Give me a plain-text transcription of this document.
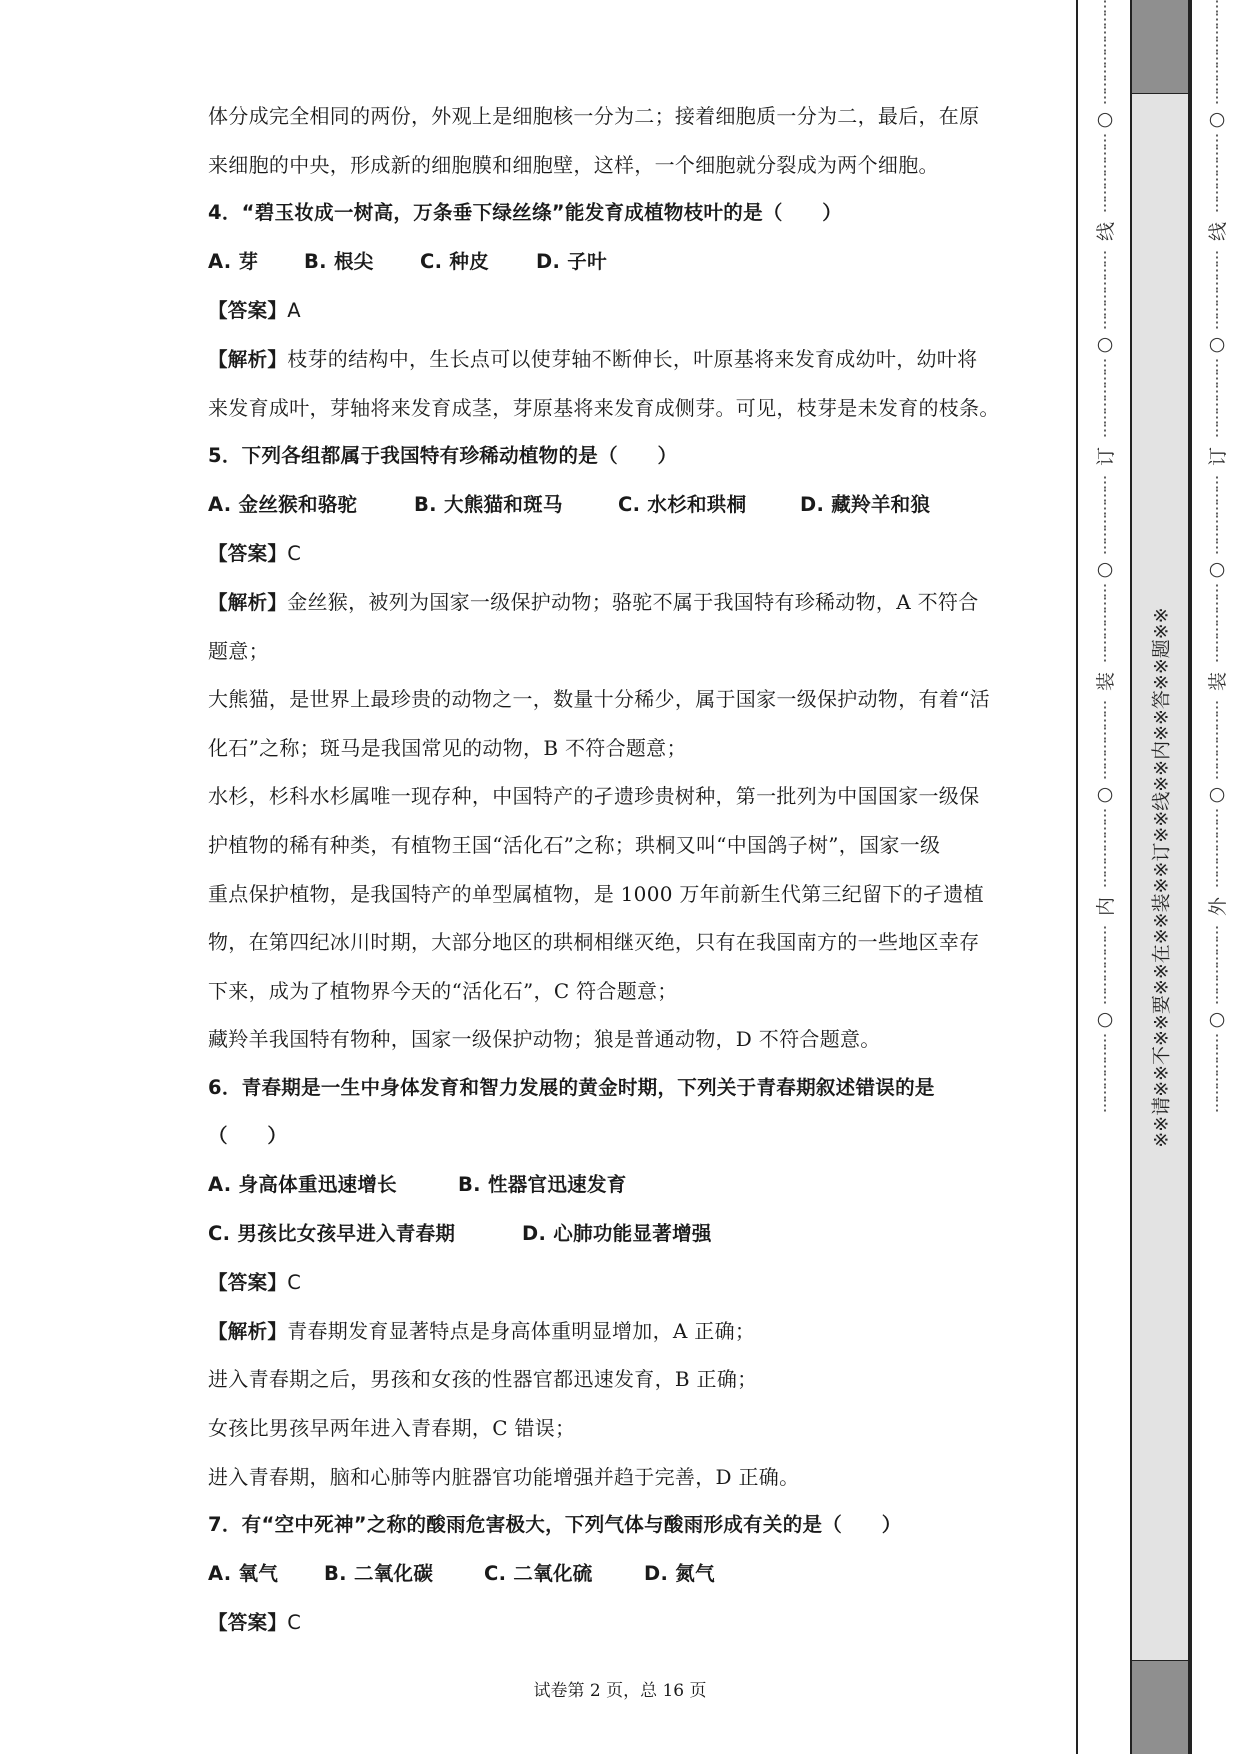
体分成完全相同的两份，外观上是细胞核一分为二；接着细胞质一分为二，最后，在原
来细胞的中央，形成新的细胞膜和细胞壁，这样，一个细胞就分裂成为两个细胞。
4．“碧玉妆成一树高，万条垂下绿丝绦”能发育成植物枝叶的是（　　）
A. 芽 B. 根尖 C. 种皮 D. 子叶
【答案】A
【解析】枝芽的结构中，生长点可以使芽轴不断伸长，叶原基将来发育成幼叶，幼叶将
来发育成叶，芽轴将来发育成茎，芽原基将来发育成侧芽。可见，枝芽是未发育的枝条。
5．下列各组都属于我国特有珍稀动植物的是（　　）
A. 金丝猴和骆驼	B. 大熊猫和斑马	C. 水杉和珙桐	D. 藏羚羊和狼
【答案】C
【解析】金丝猴，被列为国家一级保护动物；骆驼不属于我国特有珍稀动物，A 不符合
题意；
大熊猫，是世界上最珍贵的动物之一，数量十分稀少，属于国家一级保护动物，有着“活
化石”之称；斑马是我国常见的动物，B 不符合题意；
水杉，杉科水杉属唯一现存种，中国特产的孑遗珍贵树种，第一批列为中国国家一级保
护植物的稀有种类，有植物王国“活化石”之称；珙桐又叫“中国鸽子树”，国家一级
重点保护植物，是我国特产的单型属植物，是 1000 万年前新生代第三纪留下的孑遗植
物，在第四纪冰川时期，大部分地区的珙桐相继灭绝，只有在我国南方的一些地区幸存
下来，成为了植物界今天的“活化石”，C 符合题意；
藏羚羊我国特有物种，国家一级保护动物；狼是普通动物，D 不符合题意。
6．青春期是一生中身体发育和智力发展的黄金时期，下列关于青春期叙述错误的是
（　　）
A. 身高体重迅速增长	B. 性器官迅速发育
C. 男孩比女孩早进入青春期	D. 心肺功能显著增强
【答案】C
【解析】青春期发育显著特点是身高体重明显增加，A 正确；
进入青春期之后，男孩和女孩的性器官都迅速发育，B 正确；
女孩比男孩早两年进入青春期，C 错误；
进入青春期，脑和心肺等内脏器官功能增强并趋于完善，D 正确。
7．有“空中死神”之称的酸雨危害极大，下列气体与酸雨形成有关的是（　　）
A. 氧气 B. 二氧化碳	C. 二氧化硫	D. 氮气
【答案】C
试卷第 2 页，总 16 页
※※请※※不※※要※※在※※装※※订※※线※※内※※答※※题※※
⋮
⋮
⋮
⋮
⋮
⋮
⋮
⋮
○
⋮
⋮
⋮
⋮
⋮
⋮
线
⋮
⋮
⋮
⋮
⋮
⋮
○
⋮
⋮
⋮
⋮
⋮
⋮
订
⋮
⋮
⋮
⋮
⋮
⋮
○
⋮
⋮
⋮
⋮
⋮
⋮
装
⋮
⋮
⋮
⋮
⋮
⋮
○
⋮
⋮
⋮
⋮
⋮
⋮
内
⋮
⋮
⋮
⋮
⋮
⋮
○
⋮
⋮
⋮
⋮
⋮
⋮
⋮
⋮
⋮
⋮
⋮
⋮
⋮
⋮
○
⋮
⋮
⋮
⋮
⋮
⋮
线
⋮
⋮
⋮
⋮
⋮
⋮
○
⋮
⋮
⋮
⋮
⋮
⋮
订
⋮
⋮
⋮
⋮
⋮
⋮
○
⋮
⋮
⋮
⋮
⋮
⋮
装
⋮
⋮
⋮
⋮
⋮
⋮
○
⋮
⋮
⋮
⋮
⋮
⋮
外
⋮
⋮
⋮
⋮
⋮
⋮
○
⋮
⋮
⋮
⋮
⋮
⋮
